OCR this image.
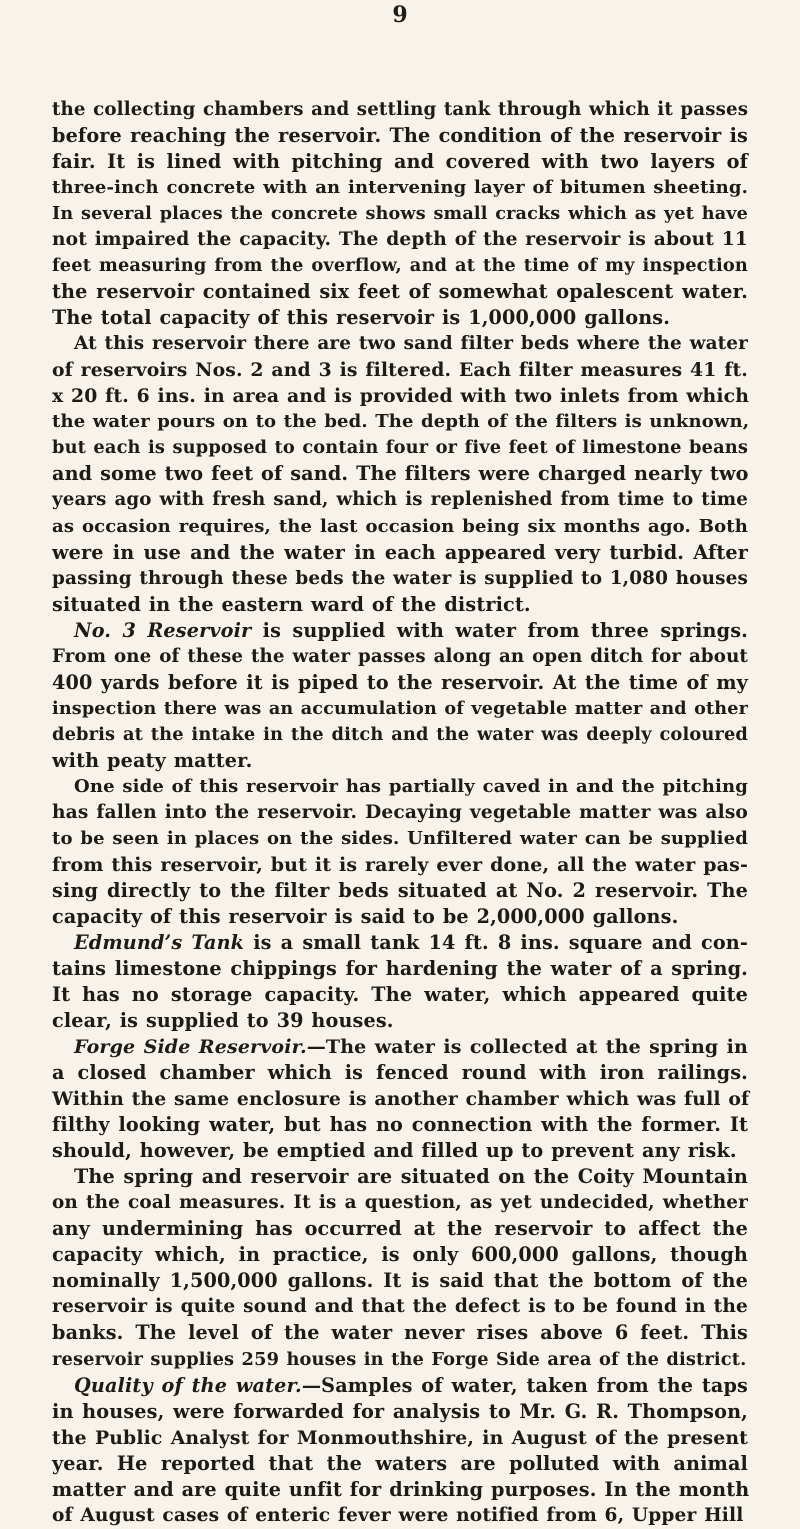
9
the collecting chambers and settling tank through which it passes
before reaching the reservoir. The condition of the reservoir is
fair. It is lined with pitching and covered with two layers of
three-inch concrete with an intervening layer of bitumen sheeting.
In several places the concrete shows small cracks which as yet have
not impaired the capacity. The depth of the reservoir is about 11
feet measuring from the overflow, and at the time of my inspection
the reservoir contained six feet of somewhat opalescent water.
The total capacity of this reservoir is 1,000,000 gallons.
At this reservoir there are two sand filter beds where the water
of reservoirs Nos. 2 and 3 is filtered. Each filter measures 41 ft.
x 20 ft. 6 ins. in area and is provided with two inlets from which
the water pours on to the bed. The depth of the filters is unknown,
but each is supposed to contain four or five feet of limestone beans
and some two feet of sand. The filters were charged nearly two
years ago with fresh sand, which is replenished from time to time
as occasion requires, the last occasion being six months ago. Both
were in use and the water in each appeared very turbid. After
passing through these beds the water is supplied to 1,080 houses
situated in the eastern ward of the district.
No. 3 Reservoir is supplied with water from three springs.
From one of these the water passes along an open ditch for about
400 yards before it is piped to the reservoir. At the time of my
inspection there was an accumulation of vegetable matter and other
debris at the intake in the ditch and the water was deeply coloured
with peaty matter.
One side of this reservoir has partially caved in and the pitching
has fallen into the reservoir. Decaying vegetable matter was also
to be seen in places on the sides. Unfiltered water can be supplied
from this reservoir, but it is rarely ever done, all the water pas-
sing directly to the filter beds situated at No. 2 reservoir. The
capacity of this reservoir is said to be 2,000,000 gallons.
Edmund’s Tank is a small tank 14 ft. 8 ins. square and con-
tains limestone chippings for hardening the water of a spring.
It has no storage capacity. The water, which appeared quite
clear, is supplied to 39 houses.
Forge Side Reservoir.—The water is collected at the spring in
a closed chamber which is fenced round with iron railings.
Within the same enclosure is another chamber which was full of
filthy looking water, but has no connection with the former. It
should, however, be emptied and filled up to prevent any risk.
The spring and reservoir are situated on the Coity Mountain
on the coal measures. It is a question, as yet undecided, whether
any undermining has occurred at the reservoir to affect the
capacity which, in practice, is only 600,000 gallons, though
nominally 1,500,000 gallons. It is said that the bottom of the
reservoir is quite sound and that the defect is to be found in the
banks. The level of the water never rises above 6 feet. This
reservoir supplies 259 houses in the Forge Side area of the district.
Quality of the water.—Samples of water, taken from the taps
in houses, were forwarded for analysis to Mr. G. R. Thompson,
the Public Analyst for Monmouthshire, in August of the present
year. He reported that the waters are polluted with animal
matter and are quite unfit for drinking purposes. In the month
of August cases of enteric fever were notified from 6, Upper Hill
